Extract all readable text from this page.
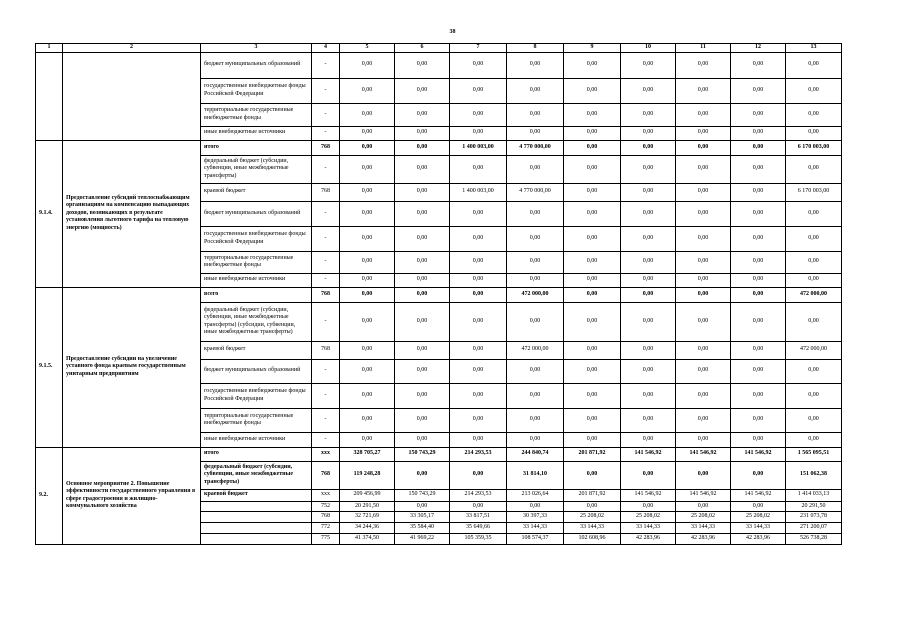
38
1	2	3	4	5	6	7	8	9	10	11	12	13
		бюджет муниципальных образований	-	0,00	0,00	0,00	0,00	0,00	0,00	0,00	0,00	0,00
		государственные внебюджетные фонды Российской Федерации	-	0,00	0,00	0,00	0,00	0,00	0,00	0,00	0,00	0,00
		территориальные государственные внебюджетные фонды	-	0,00	0,00	0,00	0,00	0,00	0,00	0,00	0,00	0,00
		иные внебюджетные источники	-	0,00	0,00	0,00	0,00	0,00	0,00	0,00	0,00	0,00
9.1.4.	Предоставление субсидий теплоснабжающим организациям на компенсацию выпадающих доходов, возникающих в результате установления льготного тарифа на тепловую энергию (мощность)	итого	768	0,00	0,00	1 400 003,00	4 770 000,00	0,00	0,00	0,00	0,00	6 170 003,00
		федеральный бюджет (субсидии, субвенции, иные межбюджетные трансферты)	-	0,00	0,00	0,00	0,00	0,00	0,00	0,00	0,00	0,00
		краевой бюджет	768	0,00	0,00	1 400 003,00	4 770 000,00	0,00	0,00	0,00	0,00	6 170 003,00
		бюджет муниципальных образований	-	0,00	0,00	0,00	0,00	0,00	0,00	0,00	0,00	0,00
		государственные внебюджетные фонды Российской Федерации	-	0,00	0,00	0,00	0,00	0,00	0,00	0,00	0,00	0,00
		территориальные государственные внебюджетные фонды	-	0,00	0,00	0,00	0,00	0,00	0,00	0,00	0,00	0,00
		иные внебюджетные источники	-	0,00	0,00	0,00	0,00	0,00	0,00	0,00	0,00	0,00
9.1.5.	Предоставление субсидии на увеличение уставного фонда краевым государственным унитарным предприятиям	всего	768	0,00	0,00	0,00	472 000,00	0,00	0,00	0,00	0,00	472 000,00
		федеральный бюджет (субсидии, субвенции, иные межбюджетные трансферты) (субсидии, субвенции, иные межбюджетные трансферты)	-	0,00	0,00	0,00	0,00	0,00	0,00	0,00	0,00	0,00
		краевой бюджет	768	0,00	0,00	0,00	472 000,00	0,00	0,00	0,00	0,00	472 000,00
		бюджет муниципальных образований	-	0,00	0,00	0,00	0,00	0,00	0,00	0,00	0,00	0,00
		государственные внебюджетные фонды Российской Федерации	-	0,00	0,00	0,00	0,00	0,00	0,00	0,00	0,00	0,00
		территориальные государственные внебюджетные фонды	-	0,00	0,00	0,00	0,00	0,00	0,00	0,00	0,00	0,00
		иные внебюджетные источники	-	0,00	0,00	0,00	0,00	0,00	0,00	0,00	0,00	0,00
9.2.	Основное мероприятие 2. Повышение эффективности государственного управления в сфере градостроения и жилищно- коммунального хозяйства	итого	ххх	328 705,27	150 743,29	214 293,53	244 840,74	201 871,92	141 546,92	141 546,92	141 546,92	1 565 095,51
		федеральный бюджет (субсидии, субвенции, иные межбюджетные трансферты)	768	119 248,28	0,00	0,00	31 814,10	0,00	0,00	0,00	0,00	151 062,38
		краевой бюджет	ххх	209 456,99	150 743,29	214 293,53	213 026,64	201 871,92	141 546,92	141 546,92	141 546,92	1 414 033,13
			752	20 291,50	0,00	0,00	0,00	0,00	0,00	0,00	0,00	20 291,50
			768	32 721,69	33 305,17	33 817,51	30 397,33	25 208,02	25 208,02	25 208,02	25 208,02	231 073,78
			772	34 244,36	35 584,40	35 649,66	33 144,33	33 144,33	33 144,33	33 144,33	33 144,33	271 200,07
			775	41 374,50	41 969,22	105 359,35	108 574,37	102 608,96	42 283,96	42 283,96	42 283,96	526 738,28
